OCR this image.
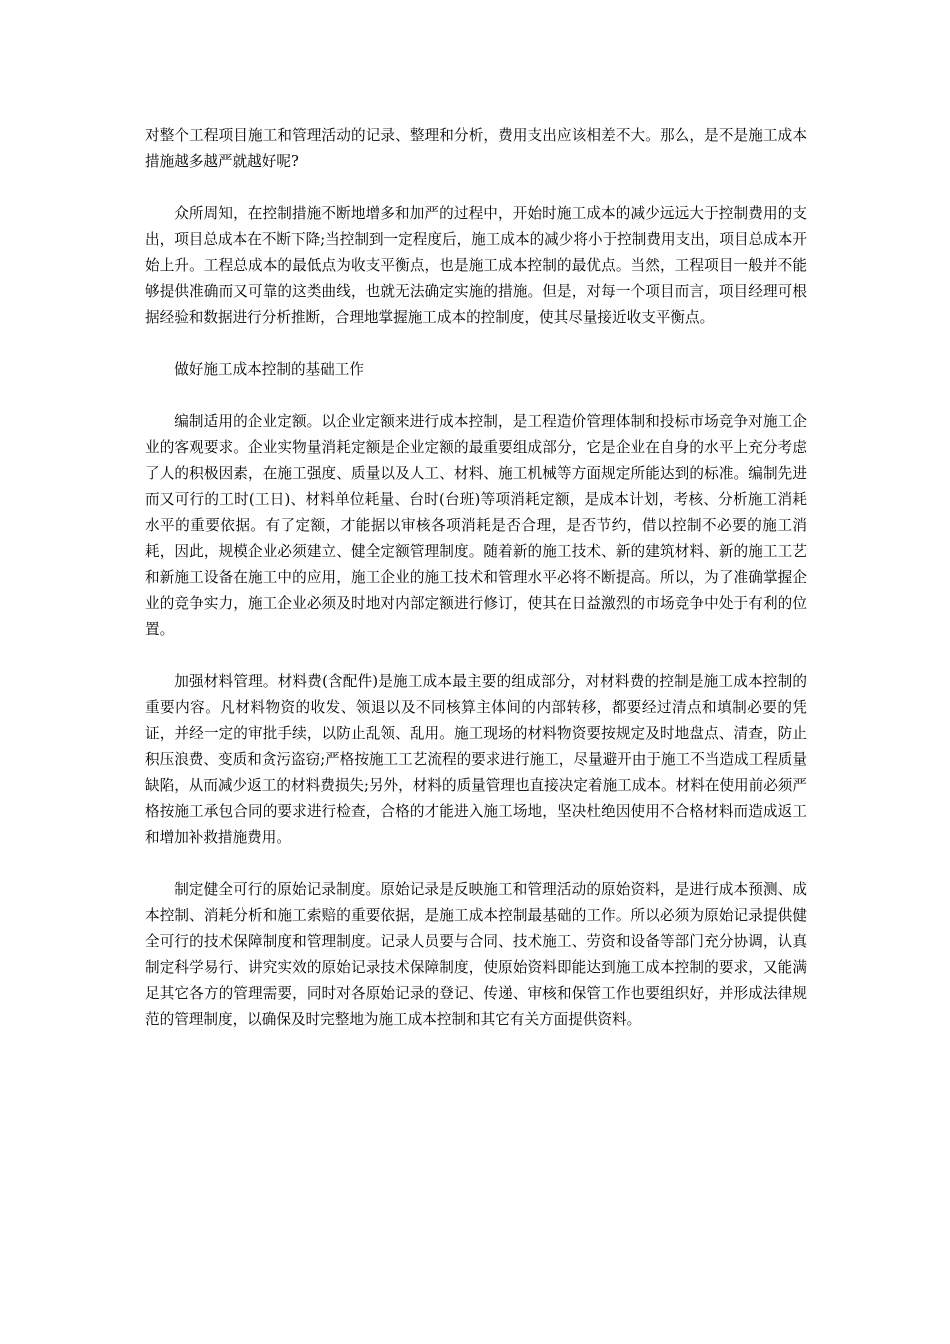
对整个工程项目施工和管理活动的记录、整理和分析，费用支出应该相差不大。那么，是不是施工成本措施越多越严就越好呢?

众所周知，在控制措施不断地增多和加严的过程中，开始时施工成本的减少远远大于控制费用的支出，项目总成本在不断下降;当控制到一定程度后，施工成本的减少将小于控制费用支出，项目总成本开始上升。工程总成本的最低点为收支平衡点，也是施工成本控制的最优点。当然，工程项目一般并不能够提供准确而又可靠的这类曲线，也就无法确定实施的措施。但是，对每一个项目而言，项目经理可根据经验和数据进行分析推断，合理地掌握施工成本的控制度，使其尽量接近收支平衡点。

做好施工成本控制的基础工作

编制适用的企业定额。以企业定额来进行成本控制，是工程造价管理体制和投标市场竞争对施工企业的客观要求。企业实物量消耗定额是企业定额的最重要组成部分，它是企业在自身的水平上充分考虑了人的积极因素，在施工强度、质量以及人工、材料、施工机械等方面规定所能达到的标准。编制先进而又可行的工时(工日)、材料单位耗量、台时(台班)等项消耗定额，是成本计划，考核、分析施工消耗水平的重要依据。有了定额，才能据以审核各项消耗是否合理，是否节约，借以控制不必要的施工消耗，因此，规模企业必须建立、健全定额管理制度。随着新的施工技术、新的建筑材料、新的施工工艺和新施工设备在施工中的应用，施工企业的施工技术和管理水平必将不断提高。所以，为了准确掌握企业的竞争实力，施工企业必须及时地对内部定额进行修订，使其在日益激烈的市场竞争中处于有利的位置。

加强材料管理。材料费(含配件)是施工成本最主要的组成部分，对材料费的控制是施工成本控制的重要内容。凡材料物资的收发、领退以及不同核算主体间的内部转移，都要经过清点和填制必要的凭证，并经一定的审批手续，以防止乱领、乱用。施工现场的材料物资要按规定及时地盘点、清查，防止积压浪费、变质和贪污盗窃;严格按施工工艺流程的要求进行施工，尽量避开由于施工不当造成工程质量缺陷，从而减少返工的材料费损失;另外，材料的质量管理也直接决定着施工成本。材料在使用前必须严格按施工承包合同的要求进行检查，合格的才能进入施工场地，坚决杜绝因使用不合格材料而造成返工和增加补救措施费用。

制定健全可行的原始记录制度。原始记录是反映施工和管理活动的原始资料，是进行成本预测、成本控制、消耗分析和施工索赔的重要依据，是施工成本控制最基础的工作。所以必须为原始记录提供健全可行的技术保障制度和管理制度。记录人员要与合同、技术施工、劳资和设备等部门充分协调，认真制定科学易行、讲究实效的原始记录技术保障制度，使原始资料即能达到施工成本控制的要求，又能满足其它各方的管理需要，同时对各原始记录的登记、传递、审核和保管工作也要组织好，并形成法律规范的管理制度，以确保及时完整地为施工成本控制和其它有关方面提供资料。
